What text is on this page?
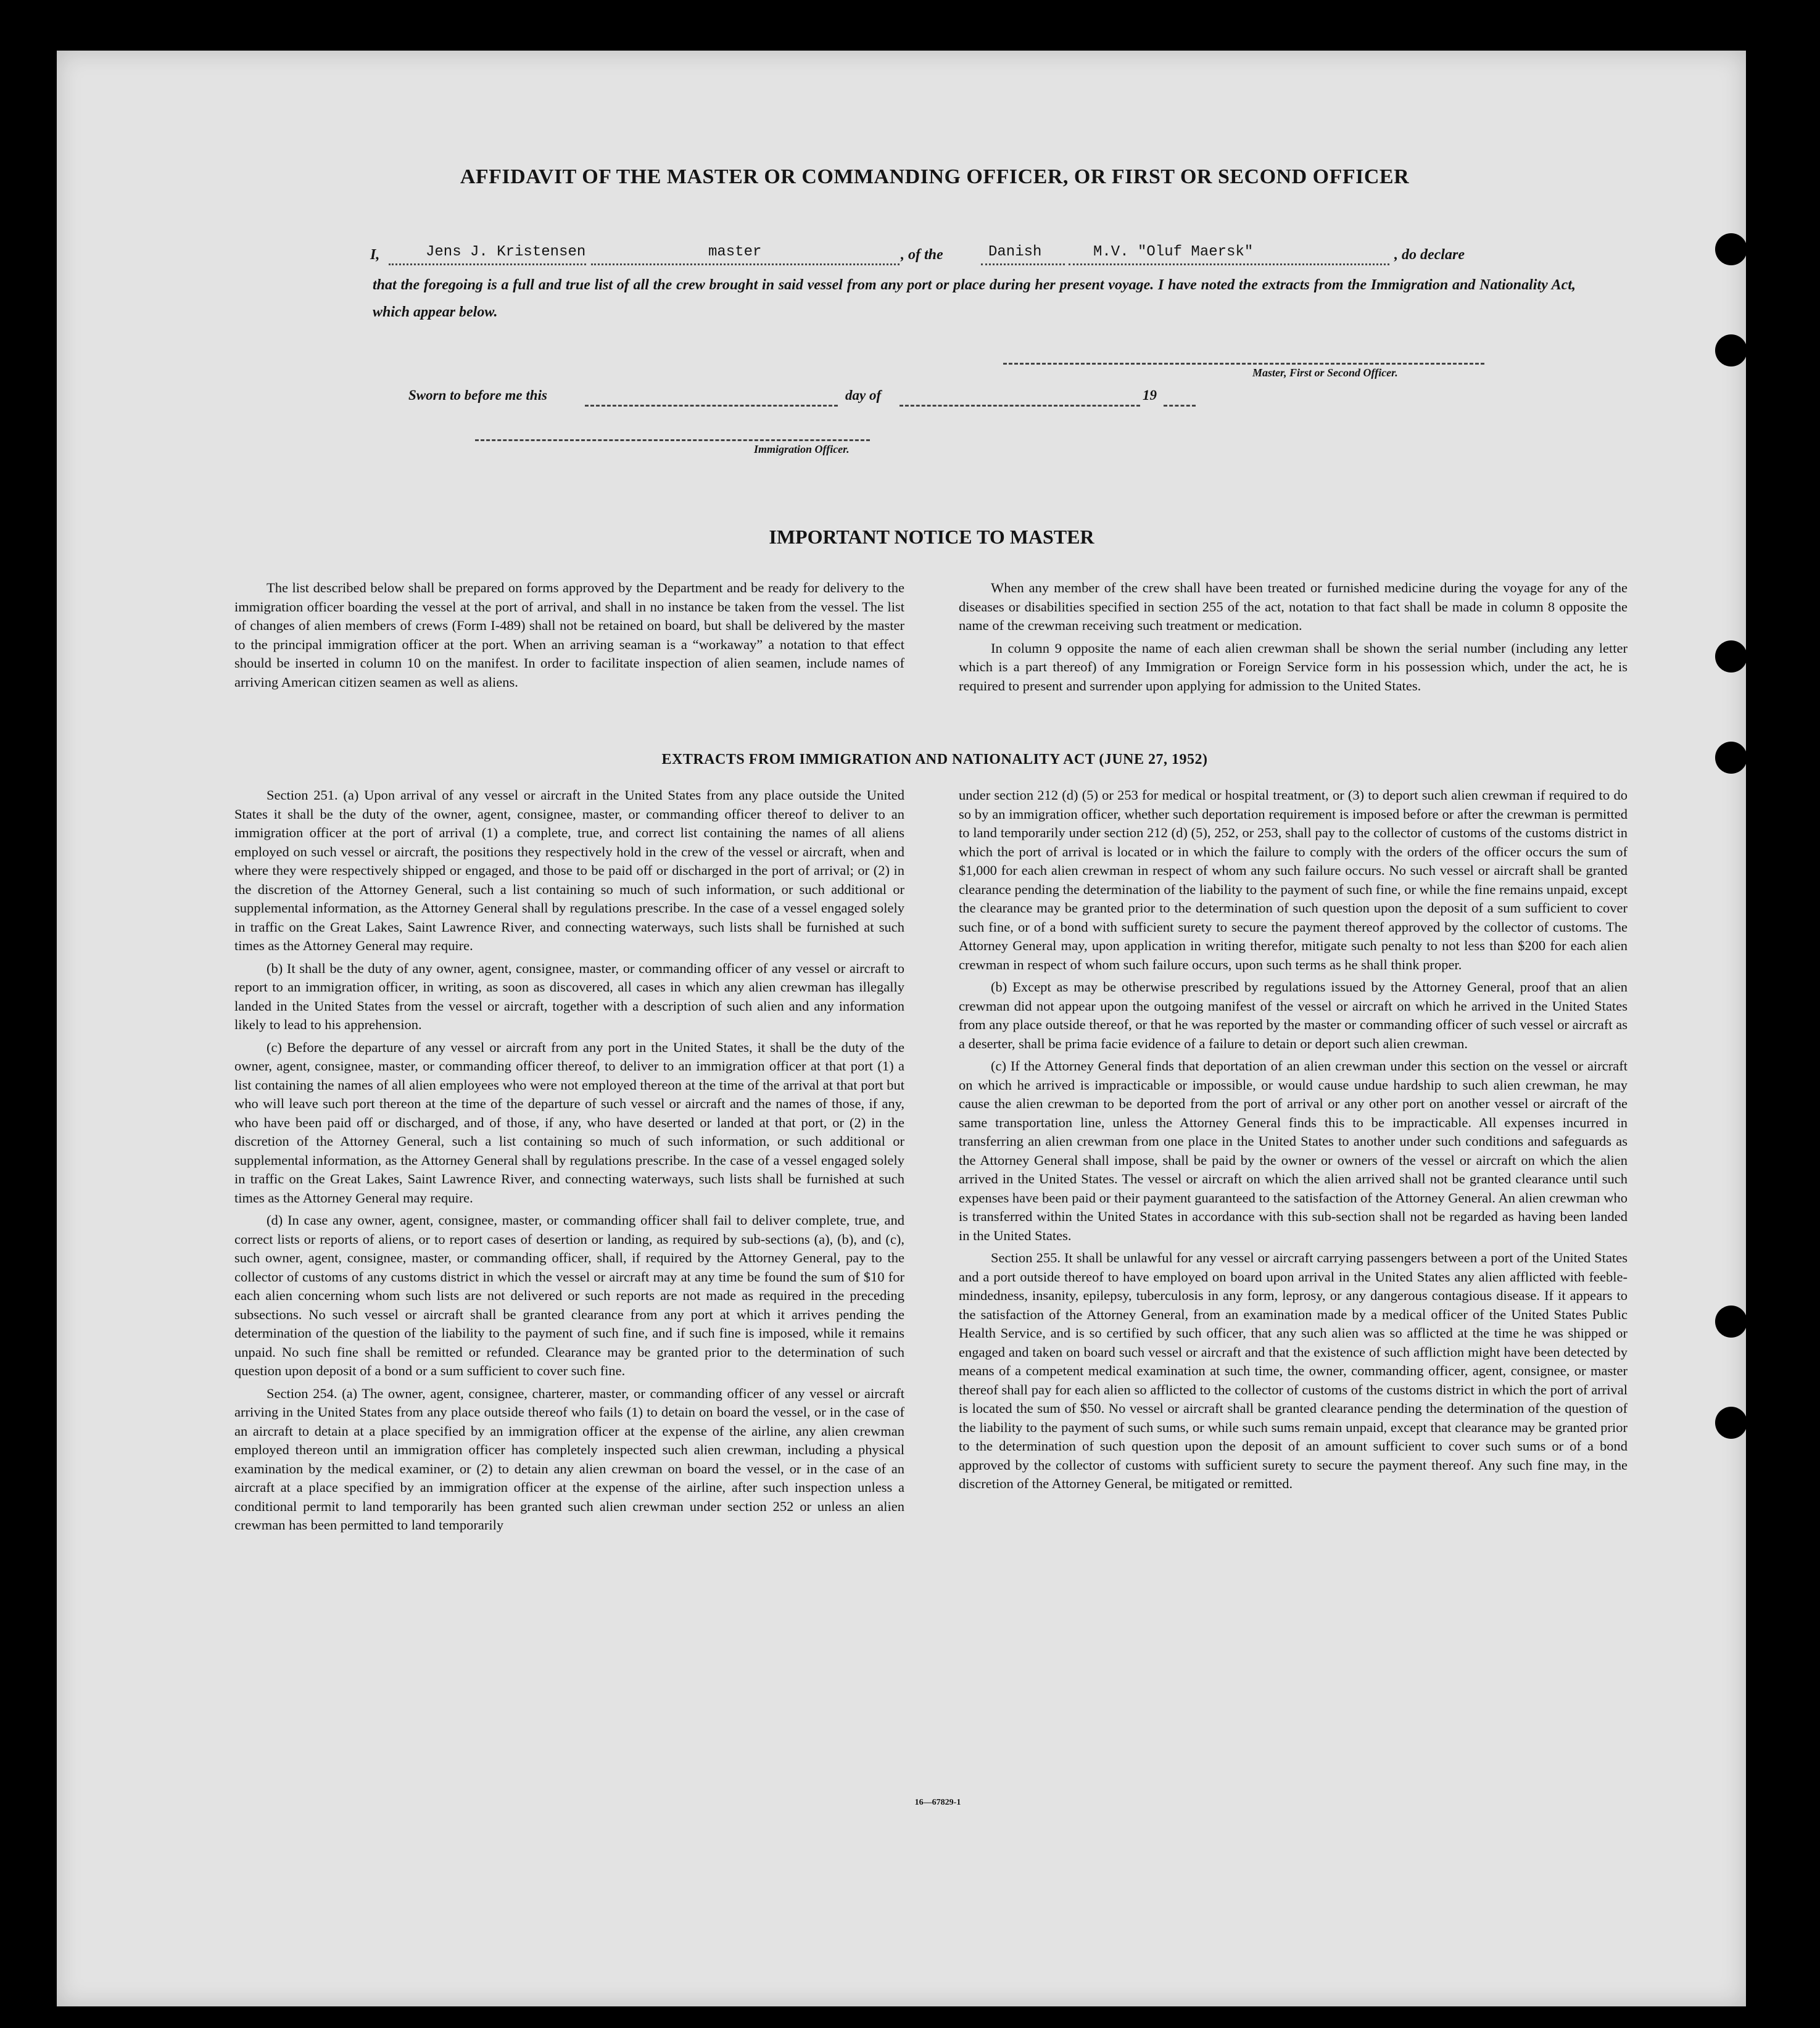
AFFIDAVIT OF THE MASTER OR COMMANDING OFFICER, OR FIRST OR SECOND OFFICER
I,	Jens J. Kristensen	master	, of the	Danish	M.V. "Oluf Maersk"	, do declare
that the foregoing is a full and true list of all the crew brought in said vessel from any port or place during her present voyage. I have noted the extracts from the Immigration and Nationality Act, which appear below.
Master, First or Second Officer.
Sworn to before me this	day of	19
Immigration Officer.
IMPORTANT NOTICE TO MASTER

The list described below shall be prepared on forms approved by the Department and be ready for delivery to the immigration officer boarding the vessel at the port of arrival, and shall in no instance be taken from the vessel. The list of changes of alien members of crews (Form I-489) shall not be retained on board, but shall be delivered by the master to the principal immigration officer at the port. When an arriving seaman is a “workaway” a notation to that effect should be inserted in column 10 on the manifest. In order to facilitate inspection of alien seamen, include names of arriving American citizen seamen as well as aliens.

When any member of the crew shall have been treated or furnished medicine during the voyage for any of the diseases or disabilities specified in section 255 of the act, notation to that fact shall be made in column 8 opposite the name of the crewman receiving such treatment or medication.

In column 9 opposite the name of each alien crewman shall be shown the serial number (including any letter which is a part thereof) of any Immigration or Foreign Service form in his possession which, under the act, he is required to present and surrender upon applying for admission to the United States.

EXTRACTS FROM IMMIGRATION AND NATIONALITY ACT (JUNE 27, 1952)

Section 251. (a) Upon arrival of any vessel or aircraft in the United States from any place outside the United States it shall be the duty of the owner, agent, consignee, master, or commanding officer thereof to deliver to an immigration officer at the port of arrival (1) a complete, true, and correct list containing the names of all aliens employed on such vessel or aircraft, the positions they respectively hold in the crew of the vessel or aircraft, when and where they were respectively shipped or engaged, and those to be paid off or discharged in the port of arrival; or (2) in the discretion of the Attorney General, such a list containing so much of such information, or such additional or supplemental information, as the Attorney General shall by regulations prescribe. In the case of a vessel engaged solely in traffic on the Great Lakes, Saint Lawrence River, and connecting waterways, such lists shall be furnished at such times as the Attorney General may require.

(b) It shall be the duty of any owner, agent, consignee, master, or commanding officer of any vessel or aircraft to report to an immigration officer, in writing, as soon as discovered, all cases in which any alien crewman has illegally landed in the United States from the vessel or aircraft, together with a description of such alien and any information likely to lead to his apprehension.

(c) Before the departure of any vessel or aircraft from any port in the United States, it shall be the duty of the owner, agent, consignee, master, or commanding officer thereof, to deliver to an immigration officer at that port (1) a list containing the names of all alien employees who were not employed thereon at the time of the arrival at that port but who will leave such port thereon at the time of the departure of such vessel or aircraft and the names of those, if any, who have been paid off or discharged, and of those, if any, who have deserted or landed at that port, or (2) in the discretion of the Attorney General, such a list containing so much of such information, or such additional or supplemental information, as the Attorney General shall by regulations prescribe. In the case of a vessel engaged solely in traffic on the Great Lakes, Saint Lawrence River, and connecting waterways, such lists shall be furnished at such times as the Attorney General may require.

(d) In case any owner, agent, consignee, master, or commanding officer shall fail to deliver complete, true, and correct lists or reports of aliens, or to report cases of desertion or landing, as required by sub-sections (a), (b), and (c), such owner, agent, consignee, master, or commanding officer, shall, if required by the Attorney General, pay to the collector of customs of any customs district in which the vessel or aircraft may at any time be found the sum of $10 for each alien concerning whom such lists are not delivered or such reports are not made as required in the preceding subsections. No such vessel or aircraft shall be granted clearance from any port at which it arrives pending the determination of the question of the liability to the payment of such fine, and if such fine is imposed, while it remains unpaid. No such fine shall be remitted or refunded. Clearance may be granted prior to the determination of such question upon deposit of a bond or a sum sufficient to cover such fine.

Section 254. (a) The owner, agent, consignee, charterer, master, or commanding officer of any vessel or aircraft arriving in the United States from any place outside thereof who fails (1) to detain on board the vessel, or in the case of an aircraft to detain at a place specified by an immigration officer at the expense of the airline, any alien crewman employed thereon until an immigration officer has completely inspected such alien crewman, including a physical examination by the medical examiner, or (2) to detain any alien crewman on board the vessel, or in the case of an aircraft at a place specified by an immigration officer at the expense of the airline, after such inspection unless a conditional permit to land temporarily has been granted such alien crewman under section 252 or unless an alien crewman has been permitted to land temporarily

under section 212 (d) (5) or 253 for medical or hospital treatment, or (3) to deport such alien crewman if required to do so by an immigration officer, whether such deportation requirement is imposed before or after the crewman is permitted to land temporarily under section 212 (d) (5), 252, or 253, shall pay to the collector of customs of the customs district in which the port of arrival is located or in which the failure to comply with the orders of the officer occurs the sum of $1,000 for each alien crewman in respect of whom any such failure occurs. No such vessel or aircraft shall be granted clearance pending the determination of the liability to the payment of such fine, or while the fine remains unpaid, except the clearance may be granted prior to the determination of such question upon the deposit of a sum sufficient to cover such fine, or of a bond with sufficient surety to secure the payment thereof approved by the collector of customs. The Attorney General may, upon application in writing therefor, mitigate such penalty to not less than $200 for each alien crewman in respect of whom such failure occurs, upon such terms as he shall think proper.

(b) Except as may be otherwise prescribed by regulations issued by the Attorney General, proof that an alien crewman did not appear upon the outgoing manifest of the vessel or aircraft on which he arrived in the United States from any place outside thereof, or that he was reported by the master or commanding officer of such vessel or aircraft as a deserter, shall be prima facie evidence of a failure to detain or deport such alien crewman.

(c) If the Attorney General finds that deportation of an alien crewman under this section on the vessel or aircraft on which he arrived is impracticable or impossible, or would cause undue hardship to such alien crewman, he may cause the alien crewman to be deported from the port of arrival or any other port on another vessel or aircraft of the same transportation line, unless the Attorney General finds this to be impracticable. All expenses incurred in transferring an alien crewman from one place in the United States to another under such conditions and safeguards as the Attorney General shall impose, shall be paid by the owner or owners of the vessel or aircraft on which the alien arrived in the United States. The vessel or aircraft on which the alien arrived shall not be granted clearance until such expenses have been paid or their payment guaranteed to the satisfaction of the Attorney General. An alien crewman who is transferred within the United States in accordance with this sub-section shall not be regarded as having been landed in the United States.

Section 255. It shall be unlawful for any vessel or aircraft carrying passengers between a port of the United States and a port outside thereof to have employed on board upon arrival in the United States any alien afflicted with feeble-mindedness, insanity, epilepsy, tuberculosis in any form, leprosy, or any dangerous contagious disease. If it appears to the satisfaction of the Attorney General, from an examination made by a medical officer of the United States Public Health Service, and is so certified by such officer, that any such alien was so afflicted at the time he was shipped or engaged and taken on board such vessel or aircraft and that the existence of such affliction might have been detected by means of a competent medical examination at such time, the owner, commanding officer, agent, consignee, or master thereof shall pay for each alien so afflicted to the collector of customs of the customs district in which the port of arrival is located the sum of $50. No vessel or aircraft shall be granted clearance pending the determination of the question of the liability to the payment of such sums, or while such sums remain unpaid, except that clearance may be granted prior to the determination of such question upon the deposit of an amount sufficient to cover such sums or of a bond approved by the collector of customs with sufficient surety to secure the payment thereof. Any such fine may, in the discretion of the Attorney General, be mitigated or remitted.

16—67829-1
